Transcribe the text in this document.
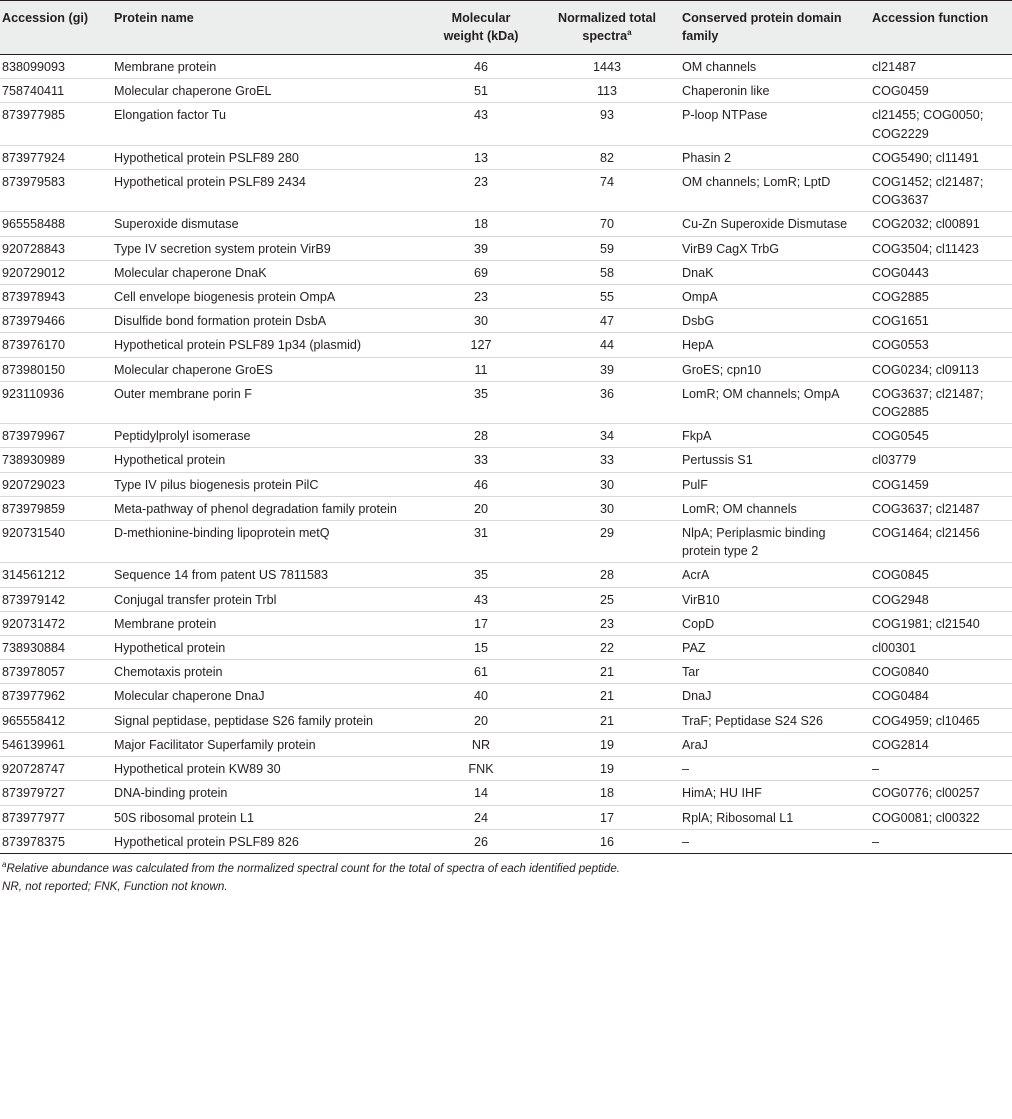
Accession (gi)	Protein name	Molecular weight (kDa)	Normalized total spectra$^a$	Conserved protein domain family	Accession function
838099093	Membrane protein	46	1443	OM channels	cl21487
758740411	Molecular chaperone GroEL	51	113	Chaperonin like	COG0459
873977985	Elongation factor Tu	43	93	P-loop NTPase	cl21455; COG0050; COG2229
873977924	Hypothetical protein PSLF89 280	13	82	Phasin 2	COG5490; cl11491
873979583	Hypothetical protein PSLF89 2434	23	74	OM channels; LomR; LptD	COG1452; cl21487; COG3637
965558488	Superoxide dismutase	18	70	Cu-Zn Superoxide Dismutase	COG2032; cl00891
920728843	Type IV secretion system protein VirB9	39	59	VirB9 CagX TrbG	COG3504; cl11423
920729012	Molecular chaperone DnaK	69	58	DnaK	COG0443
873978943	Cell envelope biogenesis protein OmpA	23	55	OmpA	COG2885
873979466	Disulfide bond formation protein DsbA	30	47	DsbG	COG1651
873976170	Hypothetical protein PSLF89 1p34 (plasmid)	127	44	HepA	COG0553
873980150	Molecular chaperone GroES	11	39	GroES; cpn10	COG0234; cl09113
923110936	Outer membrane porin F	35	36	LomR; OM channels; OmpA	COG3637; cl21487; COG2885
873979967	Peptidylprolyl isomerase	28	34	FkpA	COG0545
738930989	Hypothetical protein	33	33	Pertussis S1	cl03779
920729023	Type IV pilus biogenesis protein PilC	46	30	PulF	COG1459
873979859	Meta-pathway of phenol degradation family protein	20	30	LomR; OM channels	COG3637; cl21487
920731540	D-methionine-binding lipoprotein metQ	31	29	NlpA; Periplasmic binding protein type 2	COG1464; cl21456
314561212	Sequence 14 from patent US 7811583	35	28	AcrA	COG0845
873979142	Conjugal transfer protein Trbl	43	25	VirB10	COG2948
920731472	Membrane protein	17	23	CopD	COG1981; cl21540
738930884	Hypothetical protein	15	22	PAZ	cl00301
873978057	Chemotaxis protein	61	21	Tar	COG0840
873977962	Molecular chaperone DnaJ	40	21	DnaJ	COG0484
965558412	Signal peptidase, peptidase S26 family protein	20	21	TraF; Peptidase S24 S26	COG4959; cl10465
546139961	Major Facilitator Superfamily protein	NR	19	AraJ	COG2814
920728747	Hypothetical protein KW89 30	FNK	19	–	–
873979727	DNA-binding protein	14	18	HimA; HU IHF	COG0776; cl00257
873977977	50S ribosomal protein L1	24	17	RplA; Ribosomal L1	COG0081; cl00322
873978375	Hypothetical protein PSLF89 826	26	16	–	–
$^a$Relative abundance was calculated from the normalized spectral count for the total of spectra of each identified peptide.
NR, not reported; FNK, Function not known.
